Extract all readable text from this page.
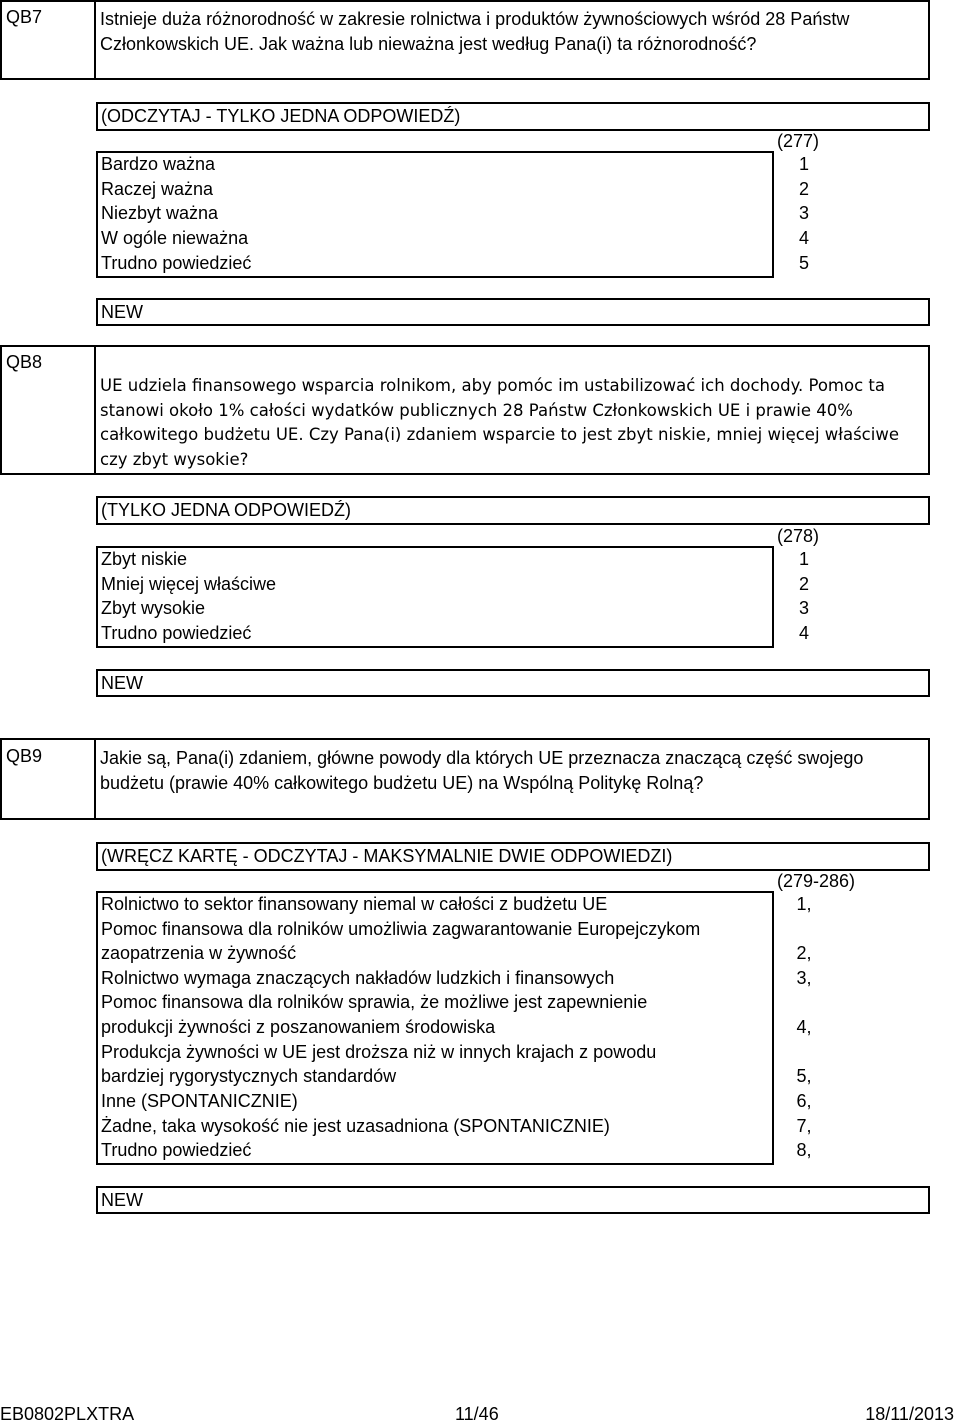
QB7	Istnieje duża różnorodność w zakresie rolnictwa i produktów żywnościowych wśród 28 Państw Członkowskich UE. Jak ważna lub nieważna jest według Pana(i) ta różnorodność?
(ODCZYTAJ - TYLKO JEDNA ODPOWIEDŹ)
(277)
Bardzo ważna	1
Raczej ważna	2
Niezbyt ważna	3
W ogóle nieważna	4
Trudno powiedzieć	5
NEW
QB8
UE udziela finansowego wsparcia rolnikom, aby pomóc im ustabilizować ich dochody. Pomoc ta stanowi około 1% całości wydatków publicznych 28 Państw Członkowskich UE i prawie 40% całkowitego budżetu UE. Czy Pana(i) zdaniem wsparcie to jest zbyt niskie, mniej więcej właściwe czy zbyt wysokie?
(TYLKO JEDNA ODPOWIEDŹ)
(278)
Zbyt niskie	1
Mniej więcej właściwe	2
Zbyt wysokie	3
Trudno powiedzieć	4
NEW
QB9	Jakie są, Pana(i) zdaniem, główne powody dla których UE przeznacza znaczącą część swojego budżetu (prawie 40% całkowitego budżetu UE) na Wspólną Politykę Rolną?
(WRĘCZ KARTĘ - ODCZYTAJ - MAKSYMALNIE DWIE ODPOWIEDZI)
(279-286)
Rolnictwo to sektor finansowany niemal w całości z budżetu UE	1,
Pomoc finansowa dla rolników umożliwia zagwarantowanie Europejczykom
zaopatrzenia w żywność	2,
Rolnictwo wymaga znaczących nakładów ludzkich i finansowych	3,
Pomoc finansowa dla rolników sprawia, że możliwe jest zapewnienie
produkcji żywności z poszanowaniem środowiska	4,
Produkcja żywności w UE jest droższa niż w innych krajach z powodu
bardziej rygorystycznych standardów	5,
Inne (SPONTANICZNIE)	6,
Żadne, taka wysokość nie jest uzasadniona (SPONTANICZNIE)	7,
Trudno powiedzieć	8,
NEW
EB0802PLXTRA	11/46	18/11/2013
